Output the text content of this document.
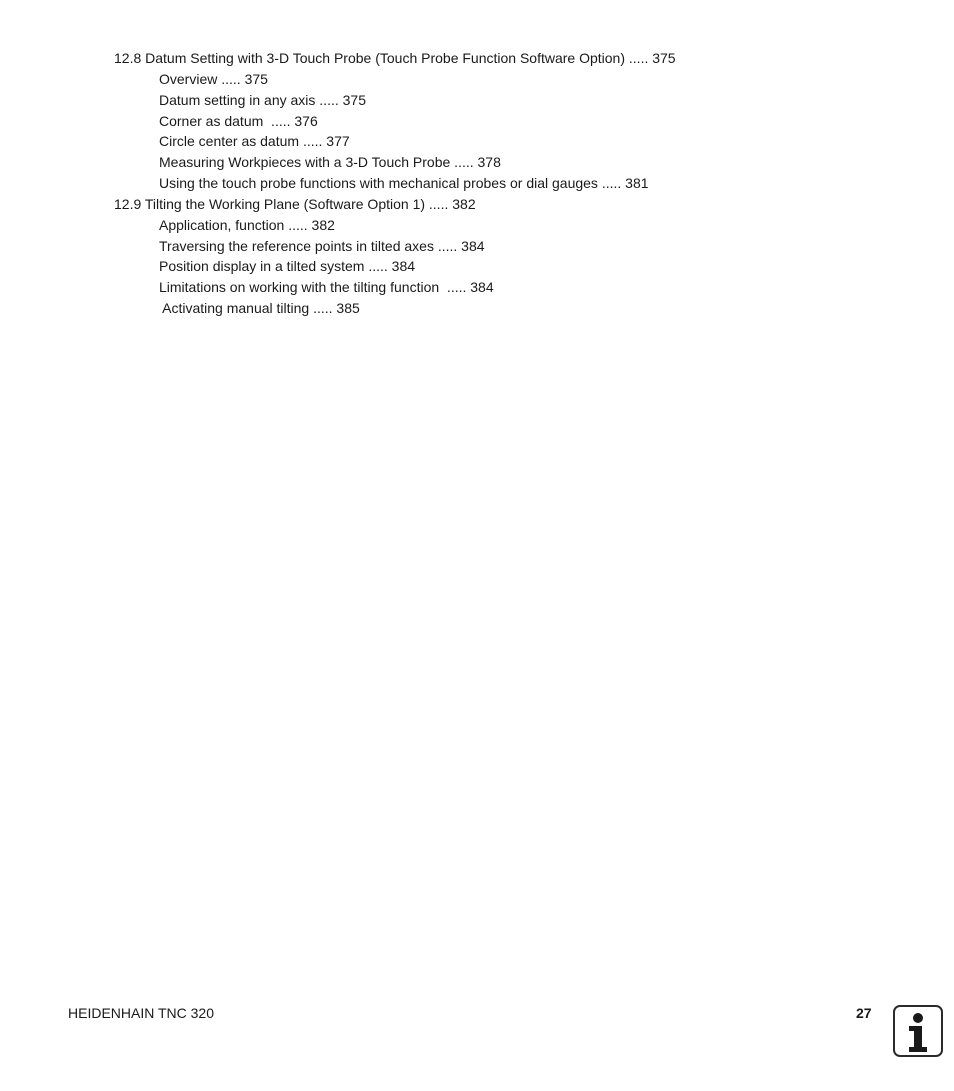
12.8 Datum Setting with 3-D Touch Probe (Touch Probe Function Software Option) ..... 375
Overview ..... 375
Datum setting in any axis ..... 375
Corner as datum  ..... 376
Circle center as datum ..... 377
Measuring Workpieces with a 3-D Touch Probe ..... 378
Using the touch probe functions with mechanical probes or dial gauges ..... 381
12.9 Tilting the Working Plane (Software Option 1) ..... 382
Application, function ..... 382
Traversing the reference points in tilted axes ..... 384
Position display in a tilted system ..... 384
Limitations on working with the tilting function  ..... 384
Activating manual tilting ..... 385
HEIDENHAIN TNC 320	27
